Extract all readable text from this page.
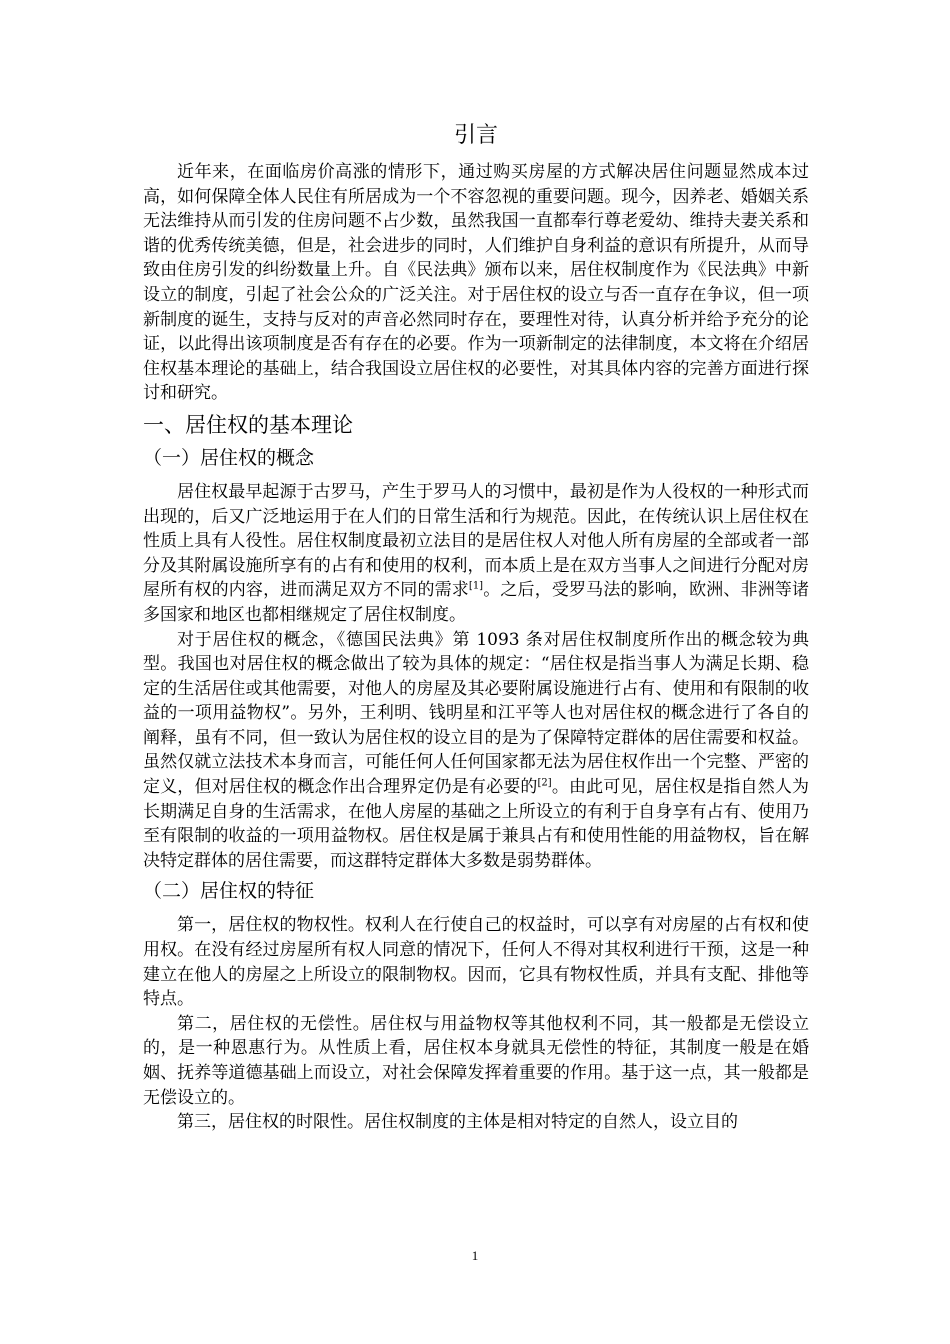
引言

近年来，在面临房价高涨的情形下，通过购买房屋的方式解决居住问题显然成本过高，如何保障全体人民住有所居成为一个不容忽视的重要问题。现今，因养老、婚姻关系无法维持从而引发的住房问题不占少数，虽然我国一直都奉行尊老爱幼、维持夫妻关系和谐的优秀传统美德，但是，社会进步的同时，人们维护自身利益的意识有所提升，从而导致由住房引发的纠纷数量上升。自《民法典》颁布以来，居住权制度作为《民法典》中新设立的制度，引起了社会公众的广泛关注。对于居住权的设立与否一直存在争议，但一项新制度的诞生，支持与反对的声音必然同时存在，要理性对待，认真分析并给予充分的论证，以此得出该项制度是否有存在的必要。作为一项新制定的法律制度，本文将在介绍居住权基本理论的基础上，结合我国设立居住权的必要性，对其具体内容的完善方面进行探讨和研究。

一、居住权的基本理论
（一）居住权的概念

居住权最早起源于古罗马，产生于罗马人的习惯中，最初是作为人役权的一种形式而出现的，后又广泛地运用于在人们的日常生活和行为规范。因此，在传统认识上居住权在性质上具有人役性。居住权制度最初立法目的是居住权人对他人所有房屋的全部或者一部分及其附属设施所享有的占有和使用的权利，而本质上是在双方当事人之间进行分配对房屋所有权的内容，进而满足双方不同的需求[1]。之后，受罗马法的影响，欧洲、非洲等诸多国家和地区也都相继规定了居住权制度。

对于居住权的概念，《德国民法典》第 1093 条对居住权制度所作出的概念较为典型。我国也对居住权的概念做出了较为具体的规定：“居住权是指当事人为满足长期、稳定的生活居住或其他需要，对他人的房屋及其必要附属设施进行占有、使用和有限制的收益的一项用益物权”。另外，王利明、钱明星和江平等人也对居住权的概念进行了各自的阐释，虽有不同，但一致认为居住权的设立目的是为了保障特定群体的居住需要和权益。虽然仅就立法技术本身而言，可能任何人任何国家都无法为居住权作出一个完整、严密的定义，但对居住权的概念作出合理界定仍是有必要的[2]。由此可见，居住权是指自然人为长期满足自身的生活需求，在他人房屋的基础之上所设立的有利于自身享有占有、使用乃至有限制的收益的一项用益物权。居住权是属于兼具占有和使用性能的用益物权，旨在解决特定群体的居住需要，而这群特定群体大多数是弱势群体。

（二）居住权的特征

第一，居住权的物权性。权利人在行使自己的权益时，可以享有对房屋的占有权和使用权。在没有经过房屋所有权人同意的情况下，任何人不得对其权利进行干预，这是一种建立在他人的房屋之上所设立的限制物权。因而，它具有物权性质，并具有支配、排他等特点。

第二，居住权的无偿性。居住权与用益物权等其他权利不同，其一般都是无偿设立的，是一种恩惠行为。从性质上看，居住权本身就具无偿性的特征，其制度一般是在婚姻、抚养等道德基础上而设立，对社会保障发挥着重要的作用。基于这一点，其一般都是无偿设立的。

第三，居住权的时限性。居住权制度的主体是相对特定的自然人，设立目的

1
